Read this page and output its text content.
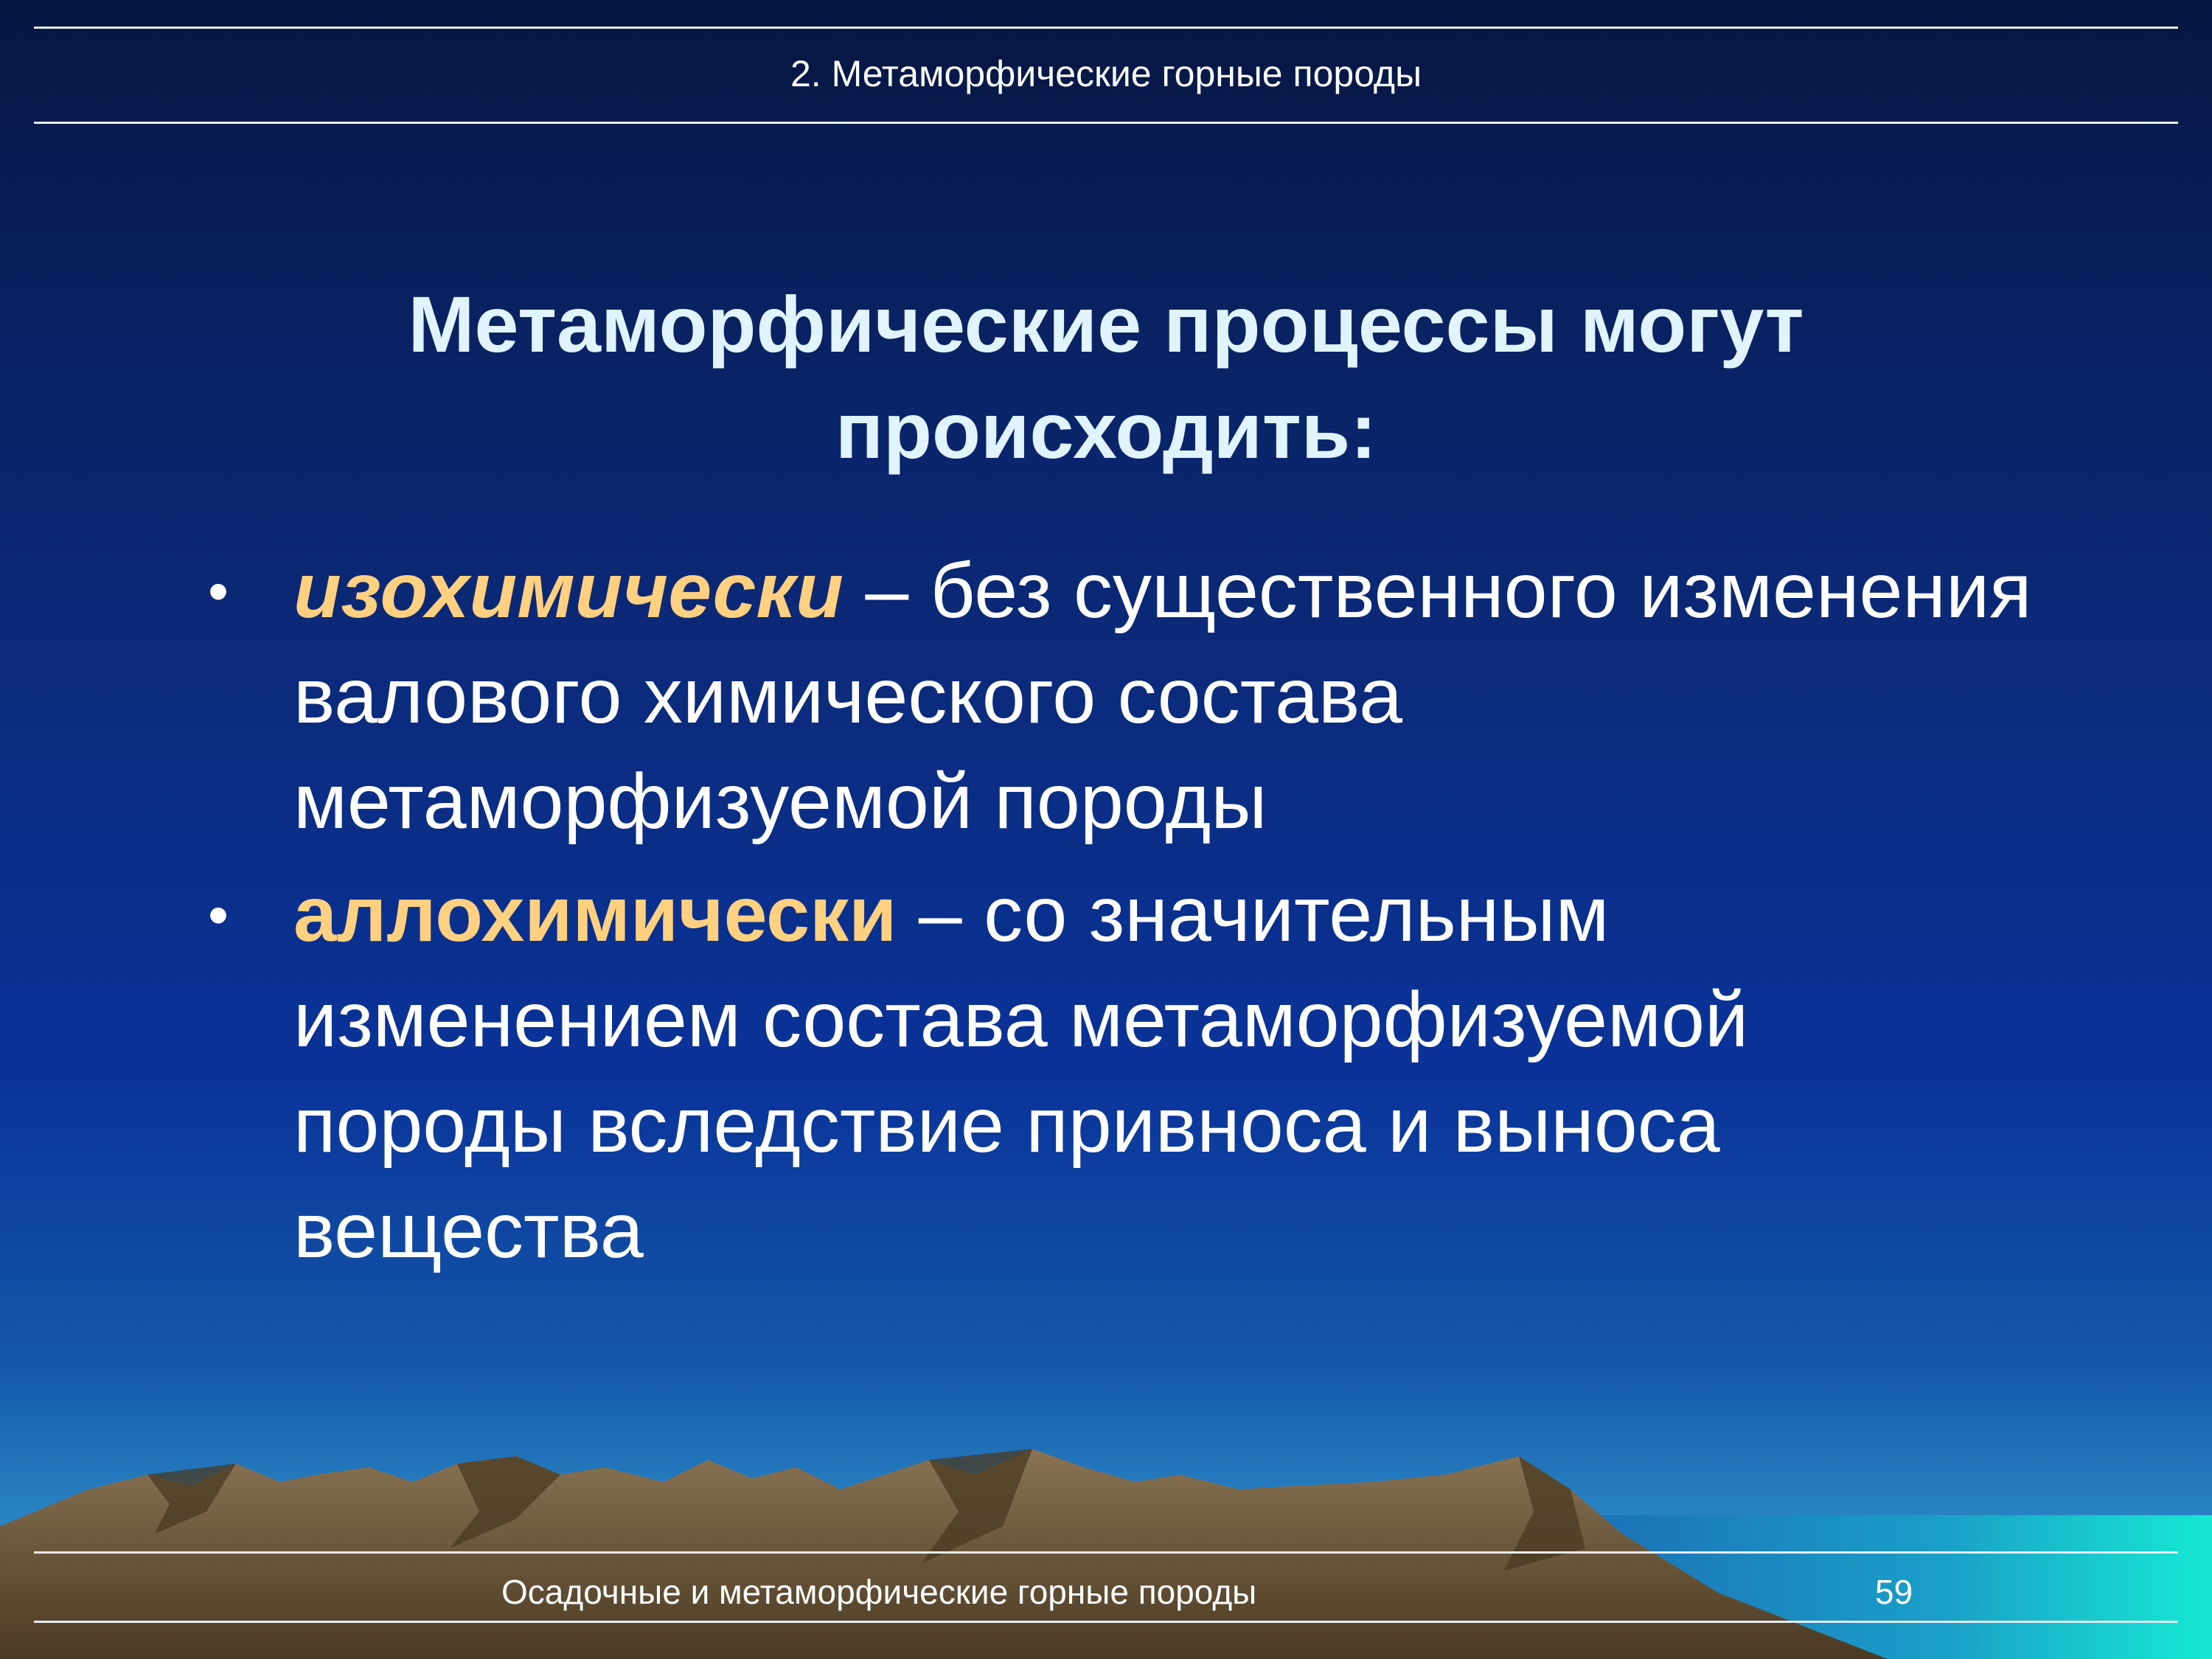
2. Метаморфические горные породы
Метаморфические процессы могут происходить:
• изохимически – без существенного изменения валового химического состава метаморфизуемой породы
• аллохимически – со значительным изменением состава метаморфизуемой породы вследствие привноса и выноса вещества
Осадочные и метаморфические горные породы	59
